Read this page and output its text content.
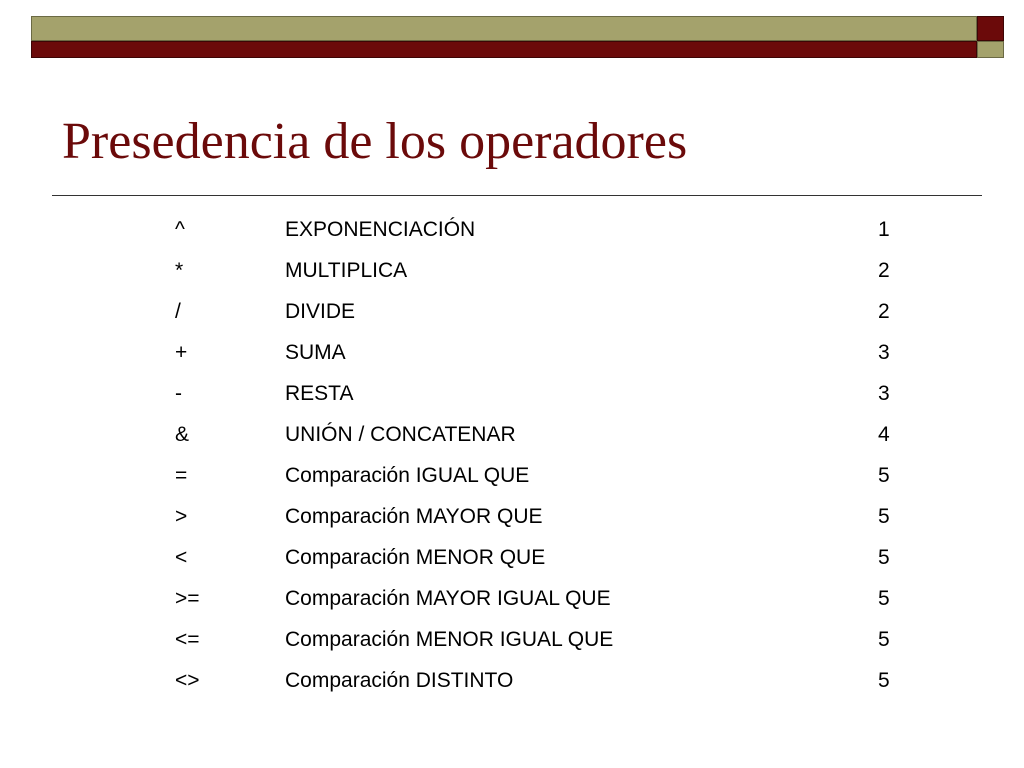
Presedencia de los operadores
^	EXPONENCIACIÓN	1
*	MULTIPLICA	2
/	DIVIDE	2
+	SUMA	3
-	RESTA	3
&	UNIÓN / CONCATENAR	4
=	Comparación IGUAL QUE	5
>	Comparación MAYOR QUE	5
<	Comparación MENOR QUE	5
>=	Comparación MAYOR IGUAL QUE	5
<=	Comparación MENOR IGUAL QUE	5
<>	Comparación DISTINTO	5
